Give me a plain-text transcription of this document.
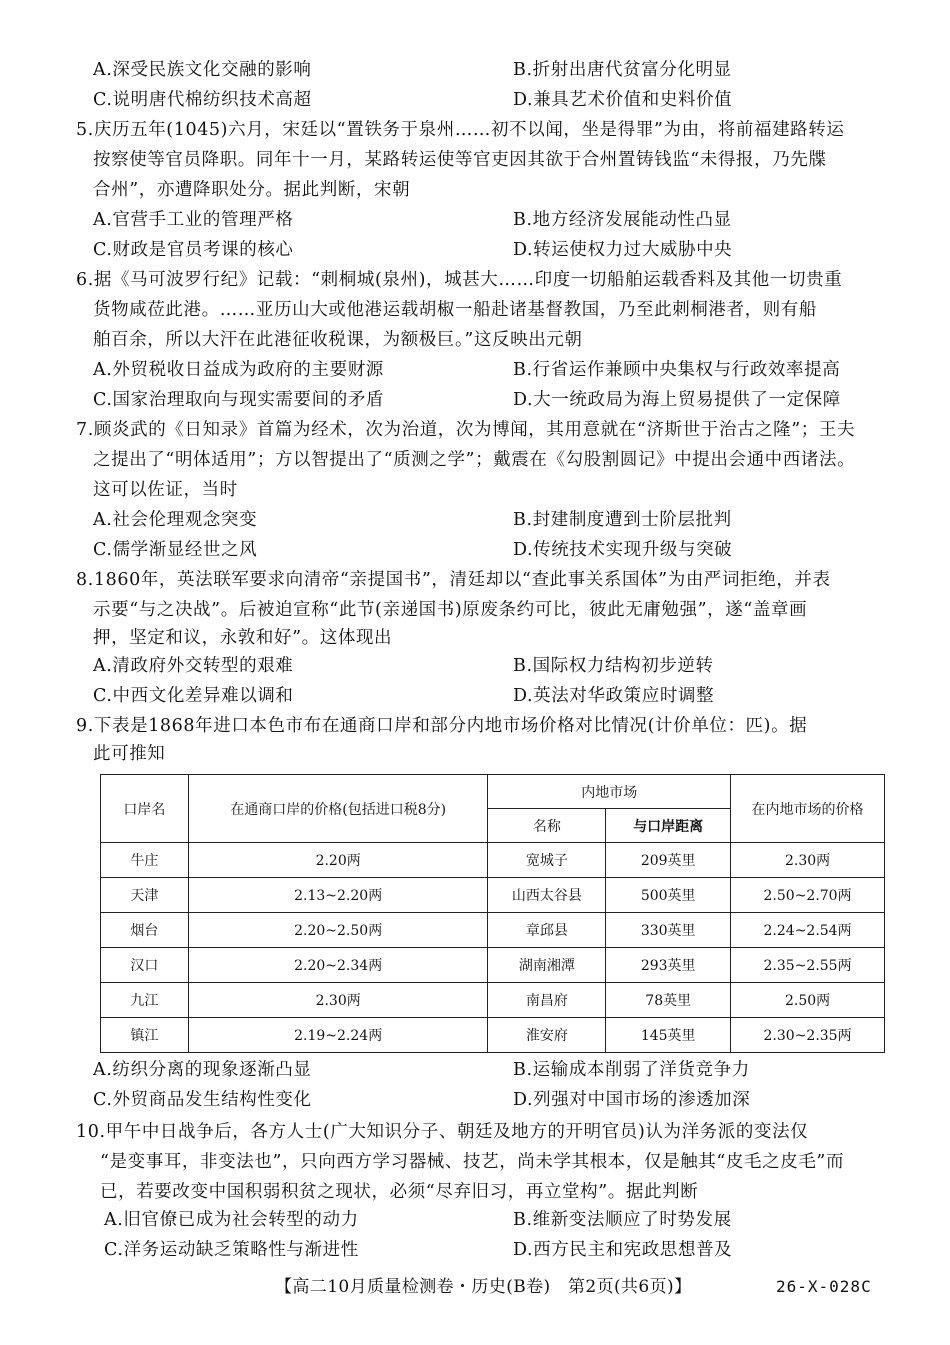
A.深受民族文化交融的影响	B.折射出唐代贫富分化明显
C.说明唐代棉纺织技术高超	D.兼具艺术价值和史料价值
5.庆历五年(1045)六月，宋廷以“置铁务于泉州……初不以闻，坐是得罪”为由，将前福建路转运
按察使等官员降职。同年十一月，某路转运使等官吏因其欲于合州置铸钱监“未得报，乃先牒
合州”，亦遭降职处分。据此判断，宋朝
A.官营手工业的管理严格	B.地方经济发展能动性凸显
C.财政是官员考课的核心	D.转运使权力过大威胁中央
6.据《马可波罗行纪》记载：“刺桐城(泉州)，城甚大……印度一切船舶运载香料及其他一切贵重
货物咸莅此港。……亚历山大或他港运载胡椒一船赴诸基督教国，乃至此刺桐港者，则有船
舶百余，所以大汗在此港征收税课，为额极巨。”这反映出元朝
A.外贸税收日益成为政府的主要财源	B.行省运作兼顾中央集权与行政效率提高
C.国家治理取向与现实需要间的矛盾	D.大一统政局为海上贸易提供了一定保障
7.顾炎武的《日知录》首篇为经术，次为治道，次为博闻，其用意就在“济斯世于治古之隆”；王夫
之提出了“明体适用”；方以智提出了“质测之学”；戴震在《勾股割圆记》中提出会通中西诸法。
这可以佐证，当时
A.社会伦理观念突变	B.封建制度遭到士阶层批判
C.儒学渐显经世之风	D.传统技术实现升级与突破
8.1860年，英法联军要求向清帝“亲提国书”，清廷却以“查此事关系国体”为由严词拒绝，并表
示要“与之决战”。后被迫宣称“此节(亲递国书)原废条约可比，彼此无庸勉强”，遂“盖章画
押，坚定和议，永敦和好”。这体现出
A.清政府外交转型的艰难	B.国际权力结构初步逆转
C.中西文化差异难以调和	D.英法对华政策应时调整
9.下表是1868年进口本色市布在通商口岸和部分内地市场价格对比情况(计价单位：匹)。据
此可推知
口岸名	在通商口岸的价格(包括进口税8分)	内地市场		在内地市场的价格
		名称	与口岸距离	
牛庄	2.20两	宽城子	209英里	2.30两
天津	2.13~2.20两	山西太谷县	500英里	2.50~2.70两
烟台	2.20~2.50两	章邱县	330英里	2.24~2.54两
汉口	2.20~2.34两	湖南湘潭	293英里	2.35~2.55两
九江	2.30两	南昌府	78英里	2.50两
镇江	2.19~2.24两	淮安府	145英里	2.30~2.35两
A.纺织分离的现象逐渐凸显	B.运输成本削弱了洋货竞争力
C.外贸商品发生结构性变化	D.列强对中国市场的渗透加深
10.甲午中日战争后，各方人士(广大知识分子、朝廷及地方的开明官员)认为洋务派的变法仅
“是变事耳，非变法也”，只向西方学习器械、技艺，尚未学其根本，仅是触其“皮毛之皮毛”而
已，若要改变中国积弱积贫之现状，必须“尽弃旧习，再立堂构”。据此判断
A.旧官僚已成为社会转型的动力	B.维新变法顺应了时势发展
C.洋务运动缺乏策略性与渐进性	D.西方民主和宪政思想普及
【高二10月质量检测卷・历史(B卷)　第2页(共6页)】	26-X-028C
